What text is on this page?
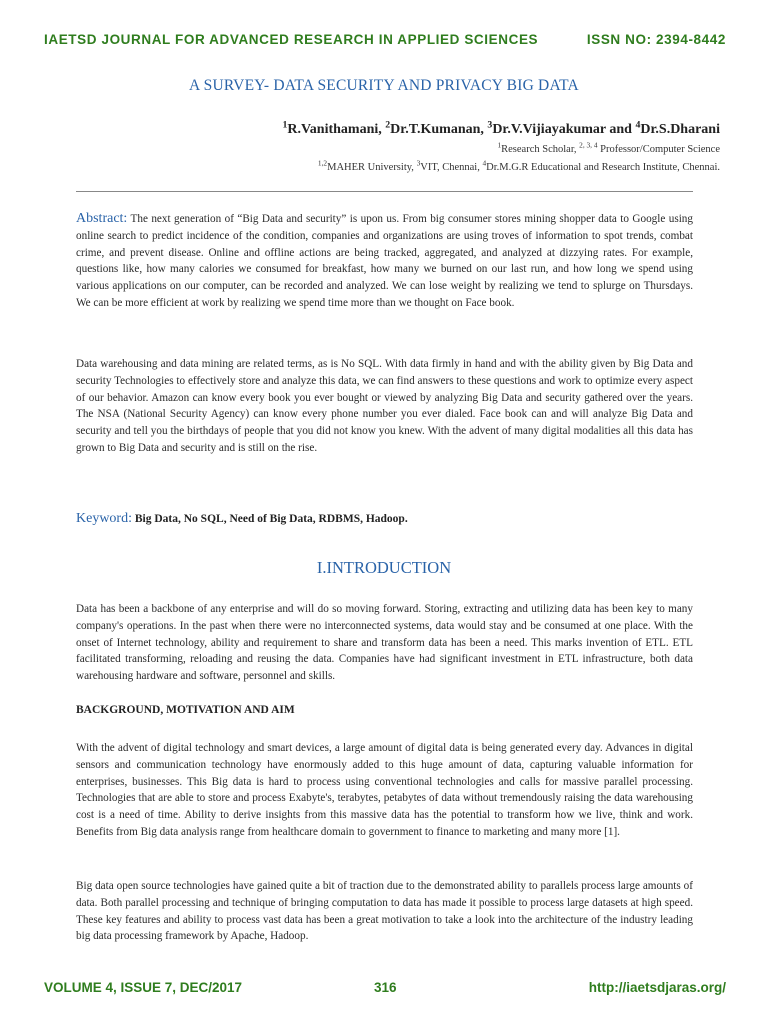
IAETSD JOURNAL FOR ADVANCED RESEARCH IN APPLIED SCIENCES	ISSN NO: 2394-8442
A SURVEY- DATA SECURITY AND PRIVACY BIG DATA
$^1$R.Vanithamani, $^2$Dr.T.Kumanan, $^3$Dr.V.Vijiayakumar and $^4$Dr.S.Dharani
$^1$Research Scholar, $^{2, 3, 4}$ Professor/Computer Science
$^{1,2}$MAHER University, $^3$VIT, Chennai, $^4$Dr.M.G.R Educational and Research Institute, Chennai.

Abstract: The next generation of “Big Data and security” is upon us. From big consumer stores mining shopper data to Google using online search to predict incidence of the condition, companies and organizations are using troves of information to spot trends, combat crime, and prevent disease. Online and offline actions are being tracked, aggregated, and analyzed at dizzying rates. For example, questions like, how many calories we consumed for breakfast, how many we burned on our last run, and how long we spend using various applications on our computer, can be recorded and analyzed. We can lose weight by realizing we tend to splurge on Thursdays. We can be more efficient at work by realizing we spend time more than we thought on Face book.

Data warehousing and data mining are related terms, as is No SQL. With data firmly in hand and with the ability given by Big Data and security Technologies to effectively store and analyze this data, we can find answers to these questions and work to optimize every aspect of our behavior. Amazon can know every book you ever bought or viewed by analyzing Big Data and security gathered over the years. The NSA (National Security Agency) can know every phone number you ever dialed. Face book can and will analyze Big Data and security and tell you the birthdays of people that you did not know you knew. With the advent of many digital modalities all this data has grown to Big Data and security and is still on the rise.

Keyword: Big Data, No SQL, Need of Big Data, RDBMS, Hadoop.
I.INTRODUCTION

Data has been a backbone of any enterprise and will do so moving forward. Storing, extracting and utilizing data has been key to many company's operations. In the past when there were no interconnected systems, data would stay and be consumed at one place. With the onset of Internet technology, ability and requirement to share and transform data has been a need. This marks invention of ETL. ETL facilitated transforming, reloading and reusing the data. Companies have had significant investment in ETL infrastructure, both data warehousing hardware and software, personnel and skills.

BACKGROUND, MOTIVATION AND AIM

With the advent of digital technology and smart devices, a large amount of digital data is being generated every day. Advances in digital sensors and communication technology have enormously added to this huge amount of data, capturing valuable information for enterprises, businesses. This Big data is hard to process using conventional technologies and calls for massive parallel processing. Technologies that are able to store and process Exabyte's, terabytes, petabytes of data without tremendously raising the data warehousing cost is a need of time. Ability to derive insights from this massive data has the potential to transform how we live, think and work. Benefits from Big data analysis range from healthcare domain to government to finance to marketing and many more [1].

Big data open source technologies have gained quite a bit of traction due to the demonstrated ability to parallels process large amounts of data. Both parallel processing and technique of bringing computation to data has made it possible to process large datasets at high speed. These key features and ability to process vast data has been a great motivation to take a look into the architecture of the industry leading big data processing framework by Apache, Hadoop.

VOLUME 4, ISSUE 7, DEC/2017	316	http://iaetsdjaras.org/
